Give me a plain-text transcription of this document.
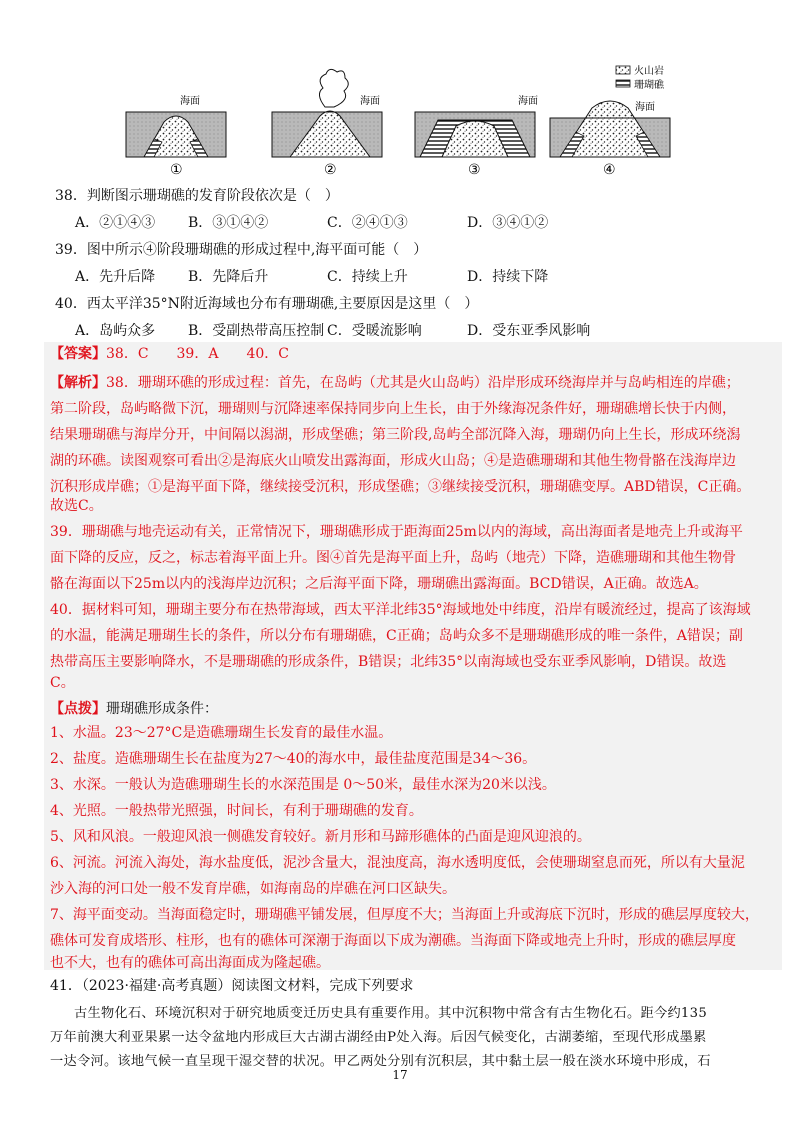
海面	海面	海面
海面
火山岩
珊瑚礁
①	②	③	④
38．判断图示珊瑚礁的发育阶段依次是（　）
A．②①④③ B．③①④②	C．②④①③	D．③④①②
39．图中所示④阶段珊瑚礁的形成过程中,海平面可能（　）
A．先升后降 B．先降后升	C．持续上升	D．持续下降
40．西太平洋35°N附近海域也分布有珊瑚礁,主要原因是这里（　）
A．岛屿众多 B．受副热带高压控制 C．受暖流影响	D．受东亚季风影响
【答案】38．C　　39．A　　40．C
【解析】38．珊瑚环礁的形成过程：首先，在岛屿（尤其是火山岛屿）沿岸形成环绕海岸并与岛屿相连的岸礁；
第二阶段，岛屿略微下沉，珊瑚则与沉降速率保持同步向上生长，由于外缘海况条件好，珊瑚礁增长快于内侧，
结果珊瑚礁与海岸分开，中间隔以潟湖，形成堡礁；第三阶段,岛屿全部沉降入海，珊瑚仍向上生长，形成环绕潟
湖的环礁。读图观察可看出②是海底火山喷发出露海面，形成火山岛；④是造礁珊瑚和其他生物骨骼在浅海岸边
沉积形成岸礁；①是海平面下降，继续接受沉积，形成堡礁；③继续接受沉积，珊瑚礁变厚。ABD错误，C正确。
故选C。
39．珊瑚礁与地壳运动有关，正常情况下，珊瑚礁形成于距海面25m以内的海域，高出海面者是地壳上升或海平
面下降的反应，反之，标志着海平面上升。图④首先是海平面上升，岛屿（地壳）下降，造礁珊瑚和其他生物骨
骼在海面以下25m以内的浅海岸边沉积；之后海平面下降，珊瑚礁出露海面。BCD错误，A正确。故选A。
40．据材料可知，珊瑚主要分布在热带海域，西太平洋北纬35°海域地处中纬度，沿岸有暖流经过，提高了该海域
的水温，能满足珊瑚生长的条件，所以分布有珊瑚礁，C正确；岛屿众多不是珊瑚礁形成的唯一条件，A错误；副
热带高压主要影响降水，不是珊瑚礁的形成条件，B错误；北纬35°以南海域也受东亚季风影响，D错误。故选
C。
【点拨】珊瑚礁形成条件：
1、水温。23～27°C是造礁珊瑚生长发育的最佳水温。
2、盐度。造礁珊瑚生长在盐度为27～40的海水中，最佳盐度范围是34～36。
3、水深。一般认为造礁珊瑚生长的水深范围是 0～50米，最佳水深为20米以浅。
4、光照。一般热带光照强，时间长，有利于珊瑚礁的发育。
5、风和风浪。一般迎风浪一侧礁发育较好。新月形和马蹄形礁体的凸面是迎风迎浪的。
6、河流。河流入海处，海水盐度低，泥沙含量大，混浊度高，海水透明度低，会使珊瑚窒息而死，所以有大量泥
沙入海的河口处一般不发育岸礁，如海南岛的岸礁在河口区缺失。
7、海平面变动。当海面稳定时，珊瑚礁平铺发展，但厚度不大；当海面上升或海底下沉时，形成的礁层厚度较大，
礁体可发育成塔形、柱形，也有的礁体可深潮于海面以下成为潮礁。当海面下降或地壳上升时，形成的礁层厚度
也不大，也有的礁体可高出海面成为隆起礁。
41．（2023·福建·高考真题）阅读图文材料，完成下列要求
古生物化石、环境沉积对于研究地质变迁历史具有重要作用。其中沉积物中常含有古生物化石。距今约135
万年前澳大利亚果累一达令盆地内形成巨大古湖古湖经由P处入海。后因气候变化，古湖萎缩，至现代形成墨累
一达令河。该地气候一直呈现干湿交替的状况。甲乙两处分别有沉积层，其中黏土层一般在淡水环境中形成，石
17
